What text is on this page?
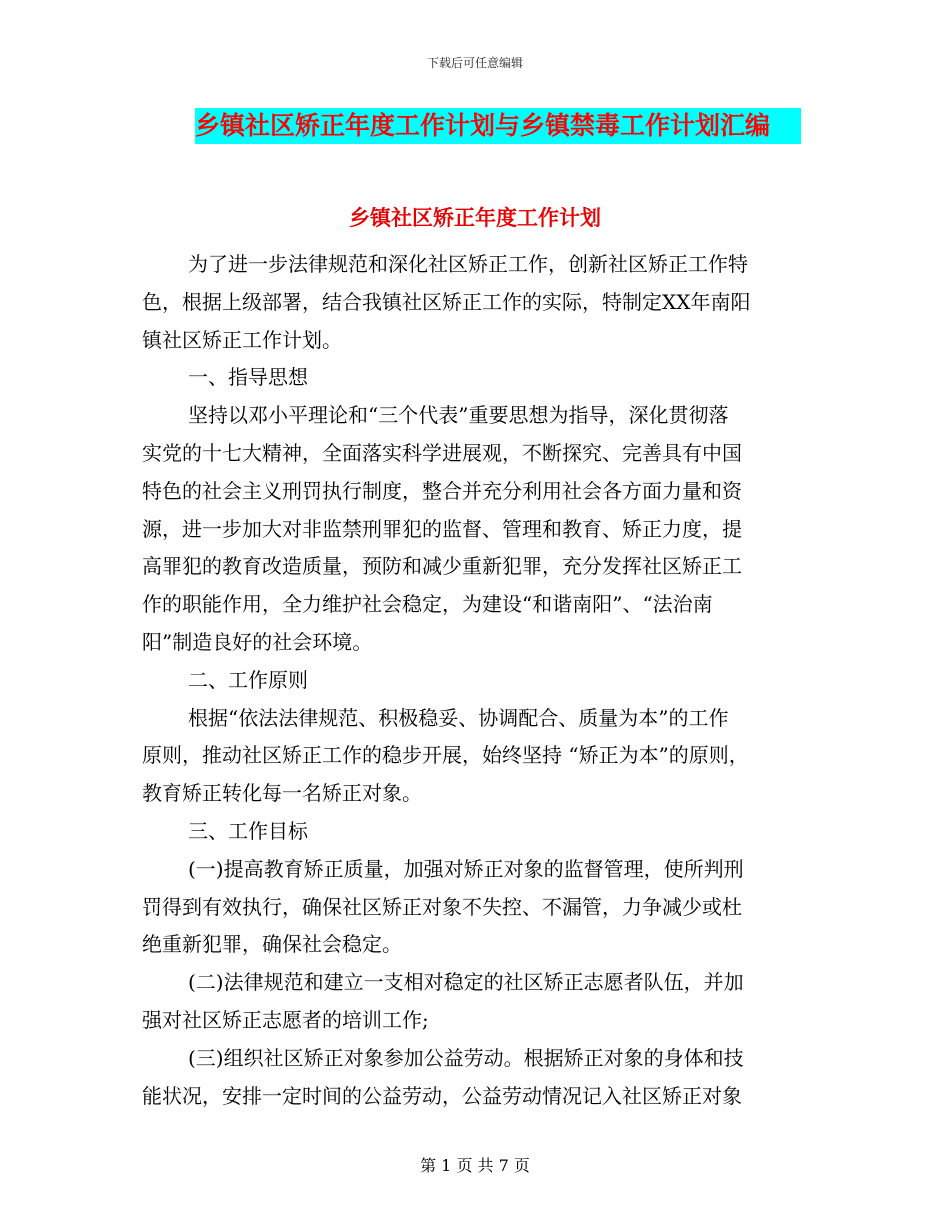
下载后可任意编辑
乡镇社区矫正年度工作计划与乡镇禁毒工作计划汇编
乡镇社区矫正年度工作计划
为了进一步法律规范和深化社区矫正工作，创新社区矫正工作特
色，根据上级部署，结合我镇社区矫正工作的实际，特制定XX年南阳
镇社区矫正工作计划。
一、指导思想
坚持以邓小平理论和“三个代表”重要思想为指导，深化贯彻落
实党的十七大精神，全面落实科学进展观，不断探究、完善具有中国
特色的社会主义刑罚执行制度，整合并充分利用社会各方面力量和资
源，进一步加大对非监禁刑罪犯的监督、管理和教育、矫正力度，提
高罪犯的教育改造质量，预防和减少重新犯罪，充分发挥社区矫正工
作的职能作用，全力维护社会稳定，为建设“和谐南阳”、“法治南
阳”制造良好的社会环境。
二、工作原则
根据“依法法律规范、积极稳妥、协调配合、质量为本”的工作
原则，推动社区矫正工作的稳步开展，始终坚持 “矫正为本”的原则，
教育矫正转化每一名矫正对象。
三、工作目标
(一)提高教育矫正质量，加强对矫正对象的监督管理，使所判刑
罚得到有效执行，确保社区矫正对象不失控、不漏管，力争减少或杜
绝重新犯罪，确保社会稳定。
(二)法律规范和建立一支相对稳定的社区矫正志愿者队伍，并加
强对社区矫正志愿者的培训工作;
(三)组织社区矫正对象参加公益劳动。根据矫正对象的身体和技
能状况，安排一定时间的公益劳动，公益劳动情况记入社区矫正对象
第 1 页 共 7 页
